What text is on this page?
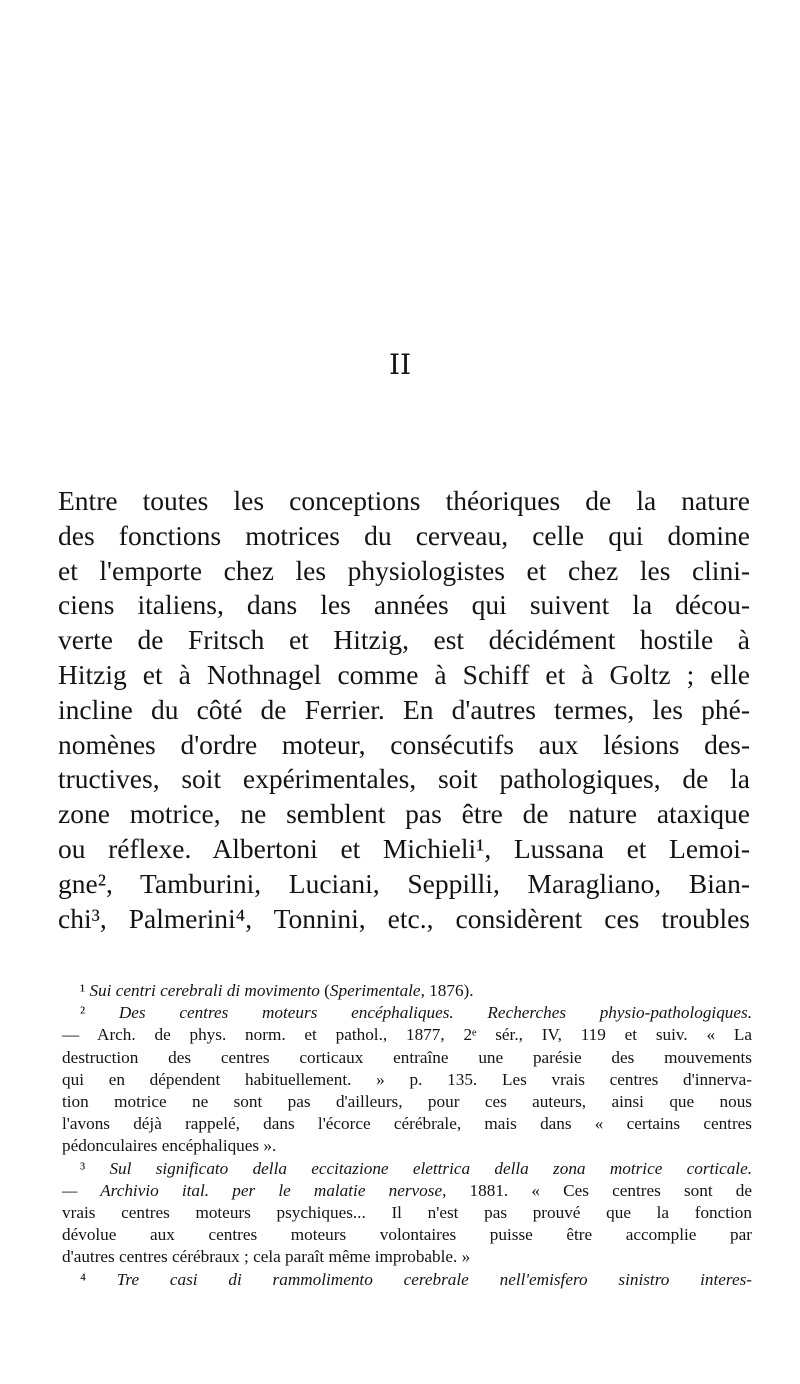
II
Entre toutes les conceptions théoriques de la nature
des fonctions motrices du cerveau, celle qui domine
et l'emporte chez les physiologistes et chez les clini-
ciens italiens, dans les années qui suivent la décou-
verte de Fritsch et Hitzig, est décidément hostile à
Hitzig et à Nothnagel comme à Schiff et à Goltz ; elle
incline du côté de Ferrier. En d'autres termes, les phé-
nomènes d'ordre moteur, consécutifs aux lésions des-
tructives, soit expérimentales, soit pathologiques, de la
zone motrice, ne semblent pas être de nature ataxique
ou réflexe. Albertoni et Michieli¹, Lussana et Lemoi-
gne², Tamburini, Luciani, Seppilli, Maragliano, Bian-
chi³, Palmerini⁴, Tonnini, etc., considèrent ces troubles
¹ Sui centri cerebrali di movimento (Sperimentale, 1876).
² Des centres moteurs encéphaliques. Recherches physio-pathologiques.
— Arch. de phys. norm. et pathol., 1877, 2ᵉ sér., IV, 119 et suiv. « La
destruction des centres corticaux entraîne une parésie des mouvements
qui en dépendent habituellement. » p. 135. Les vrais centres d'innerva-
tion motrice ne sont pas d'ailleurs, pour ces auteurs, ainsi que nous
l'avons déjà rappelé, dans l'écorce cérébrale, mais dans « certains centres
pédonculaires encéphaliques ».
³ Sul significato della eccitazione elettrica della zona motrice corticale.
— Archivio ital. per le malatie nervose, 1881. « Ces centres sont de
vrais centres moteurs psychiques... Il n'est pas prouvé que la fonction
dévolue aux centres moteurs volontaires puisse être accomplie par
d'autres centres cérébraux ; cela paraît même improbable. »
⁴ Tre casi di rammolimento cerebrale nell'emisfero sinistro interes-
